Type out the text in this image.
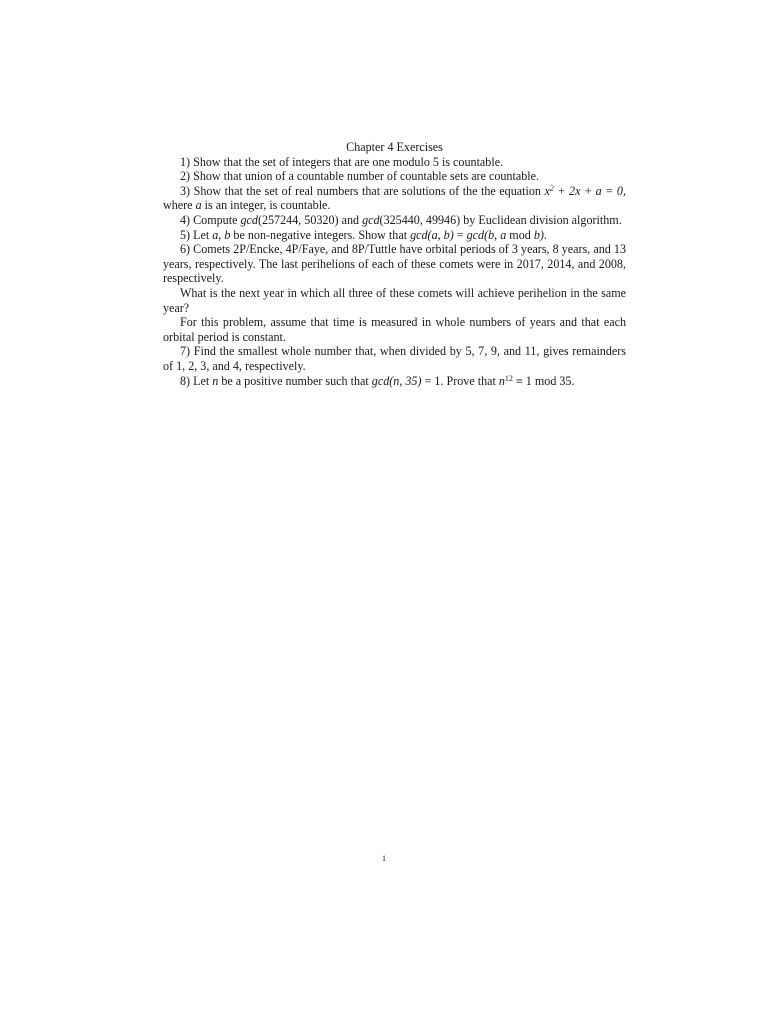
Chapter 4 Exercises

1) Show that the set of integers that are one modulo 5 is countable.

2) Show that union of a countable number of countable sets are countable.

3) Show that the set of real numbers that are solutions of the the equation $x^2 + 2x + a = 0$, where a is an integer, is countable.

4) Compute gcd(257244, 50320) and gcd(325440, 49946) by Euclidean division algorithm.

5) Let a, b be non-negative integers. Show that gcd(a, b) = gcd(b, a mod b).

6) Comets 2P/Encke, 4P/Faye, and 8P/Tuttle have orbital periods of 3 years, 8 years, and 13 years, respectively. The last perihelions of each of these comets were in 2017, 2014, and 2008, respectively.

What is the next year in which all three of these comets will achieve perihelion in the same year?

For this problem, assume that time is measured in whole numbers of years and that each orbital period is constant.

7) Find the smallest whole number that, when divided by 5, 7, 9, and 11, gives remainders of 1, 2, 3, and 4, respectively.

8) Let n be a positive number such that gcd(n, 35) = 1. Prove that $n^{12} \equiv 1$ mod 35.

1
